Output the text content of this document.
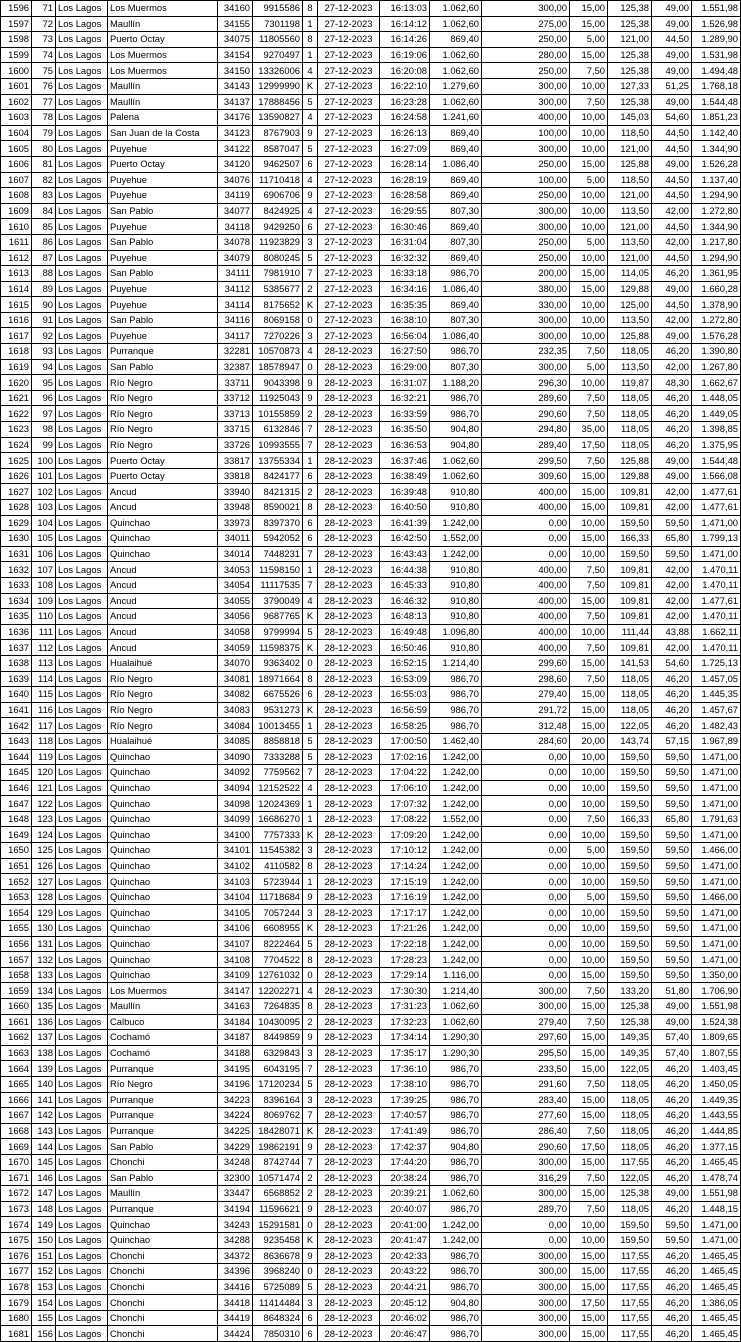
1596	71	Los Lagos	Los Muermos	34160	9915586	8	27-12-2023	16:13:03	1.062,60	300,00	15,00	125,38	49,00	1.551,98
1597	72	Los Lagos	Maullín	34155	7301198	1	27-12-2023	16:14:12	1.062,60	275,00	15,00	125,38	49,00	1.526,98
1598	73	Los Lagos	Puerto Octay	34075	11805560	8	27-12-2023	16:14:26	869,40	250,00	5,00	121,00	44,50	1.289,90
1599	74	Los Lagos	Los Muermos	34154	9270497	1	27-12-2023	16:19:06	1.062,60	280,00	15,00	125,38	49,00	1.531,98
1600	75	Los Lagos	Los Muermos	34150	13326006	4	27-12-2023	16:20:08	1.062,60	250,00	7,50	125,38	49,00	1.494,48
1601	76	Los Lagos	Maullín	34143	12999990	K	27-12-2023	16:22:10	1.279,60	300,00	10,00	127,33	51,25	1.768,18
1602	77	Los Lagos	Maullín	34137	17888456	5	27-12-2023	16:23:28	1.062,60	300,00	7,50	125,38	49,00	1.544,48
1603	78	Los Lagos	Palena	34176	13590827	4	27-12-2023	16:24:58	1.241,60	400,00	10,00	145,03	54,60	1.851,23
1604	79	Los Lagos	San Juan de la Costa	34123	8767903	9	27-12-2023	16:26:13	869,40	100,00	10,00	118,50	44,50	1.142,40
1605	80	Los Lagos	Puyehue	34122	8587047	5	27-12-2023	16:27:09	869,40	300,00	10,00	121,00	44,50	1.344,90
1606	81	Los Lagos	Puerto Octay	34120	9462507	6	27-12-2023	16:28:14	1.086,40	250,00	15,00	125,88	49,00	1.526,28
1607	82	Los Lagos	Puyehue	34076	11710418	4	27-12-2023	16:28:19	869,40	100,00	5,00	118,50	44,50	1.137,40
1608	83	Los Lagos	Puyehue	34119	6906706	9	27-12-2023	16:28:58	869,40	250,00	10,00	121,00	44,50	1.294,90
1609	84	Los Lagos	San Pablo	34077	8424925	4	27-12-2023	16:29:55	807,30	300,00	10,00	113,50	42,00	1.272,80
1610	85	Los Lagos	Puyehue	34118	9429250	6	27-12-2023	16:30:46	869,40	300,00	10,00	121,00	44,50	1.344,90
1611	86	Los Lagos	San Pablo	34078	11923829	3	27-12-2023	16:31:04	807,30	250,00	5,00	113,50	42,00	1.217,80
1612	87	Los Lagos	Puyehue	34079	8080245	5	27-12-2023	16:32:32	869,40	250,00	10,00	121,00	44,50	1.294,90
1613	88	Los Lagos	San Pablo	34111	7981910	7	27-12-2023	16:33:18	986,70	200,00	15,00	114,05	46,20	1.361,95
1614	89	Los Lagos	Puyehue	34112	5385677	2	27-12-2023	16:34:16	1.086,40	380,00	15,00	129,88	49,00	1.660,28
1615	90	Los Lagos	Puyehue	34114	8175652	K	27-12-2023	16:35:35	869,40	330,00	10,00	125,00	44,50	1.378,90
1616	91	Los Lagos	San Pablo	34116	8069158	0	27-12-2023	16:38:10	807,30	300,00	10,00	113,50	42,00	1.272,80
1617	92	Los Lagos	Puyehue	34117	7270226	3	27-12-2023	16:56:04	1.086,40	300,00	10,00	125,88	49,00	1.576,28
1618	93	Los Lagos	Purranque	32281	10570873	4	28-12-2023	16:27:50	986,70	232,35	7,50	118,05	46,20	1.390,80
1619	94	Los Lagos	San Pablo	32387	18578947	0	28-12-2023	16:29:00	807,30	300,00	5,00	113,50	42,00	1.267,80
1620	95	Los Lagos	Río Negro	33711	9043398	9	28-12-2023	16:31:07	1.188,20	296,30	10,00	119,87	48,30	1.662,67
1621	96	Los Lagos	Río Negro	33712	11925043	9	28-12-2023	16:32:21	986,70	289,60	7,50	118,05	46,20	1.448,05
1622	97	Los Lagos	Río Negro	33713	10155859	2	28-12-2023	16:33:59	986,70	290,60	7,50	118,05	46,20	1.449,05
1623	98	Los Lagos	Río Negro	33715	6132846	7	28-12-2023	16:35:50	904,80	294,80	35,00	118,05	46,20	1.398,85
1624	99	Los Lagos	Río Negro	33726	10993555	7	28-12-2023	16:36:53	904,80	289,40	17,50	118,05	46,20	1.375,95
1625	100	Los Lagos	Puerto Octay	33817	13755334	1	28-12-2023	16:37:46	1.062,60	299,50	7,50	125,88	49,00	1.544,48
1626	101	Los Lagos	Puerto Octay	33818	8424177	6	28-12-2023	16:38:49	1.062,60	309,60	15,00	129,88	49,00	1.566,08
1627	102	Los Lagos	Ancud	33940	8421315	2	28-12-2023	16:39:48	910,80	400,00	15,00	109,81	42,00	1.477,61
1628	103	Los Lagos	Ancud	33948	8590021	8	28-12-2023	16:40:50	910,80	400,00	15,00	109,81	42,00	1.477,61
1629	104	Los Lagos	Quinchao	33973	8397370	6	28-12-2023	16:41:39	1.242,00	0,00	10,00	159,50	59,50	1.471,00
1630	105	Los Lagos	Quinchao	34011	5942052	6	28-12-2023	16:42:50	1.552,00	0,00	15,00	166,33	65,80	1.799,13
1631	106	Los Lagos	Quinchao	34014	7448231	7	28-12-2023	16:43:43	1.242,00	0,00	10,00	159,50	59,50	1.471,00
1632	107	Los Lagos	Ancud	34053	11598150	1	28-12-2023	16:44:38	910,80	400,00	7,50	109,81	42,00	1.470,11
1633	108	Los Lagos	Ancud	34054	11117535	7	28-12-2023	16:45:33	910,80	400,00	7,50	109,81	42,00	1.470,11
1634	109	Los Lagos	Ancud	34055	3790049	4	28-12-2023	16:46:32	910,80	400,00	15,00	109,81	42,00	1.477,61
1635	110	Los Lagos	Ancud	34056	9687765	K	28-12-2023	16:48:13	910,80	400,00	7,50	109,81	42,00	1.470,11
1636	111	Los Lagos	Ancud	34058	9799994	5	28-12-2023	16:49:48	1.096,80	400,00	10,00	111,44	43,88	1.662,11
1637	112	Los Lagos	Ancud	34059	11598375	K	28-12-2023	16:50:46	910,80	400,00	7,50	109,81	42,00	1.470,11
1638	113	Los Lagos	Hualaihué	34070	9363402	0	28-12-2023	16:52:15	1.214,40	299,60	15,00	141,53	54,60	1.725,13
1639	114	Los Lagos	Río Negro	34081	18971664	8	28-12-2023	16:53:09	986,70	298,60	7,50	118,05	46,20	1.457,05
1640	115	Los Lagos	Río Negro	34082	6675526	6	28-12-2023	16:55:03	986,70	279,40	15,00	118,05	46,20	1.445,35
1641	116	Los Lagos	Río Negro	34083	9531273	K	28-12-2023	16:56:59	986,70	291,72	15,00	118,05	46,20	1.457,67
1642	117	Los Lagos	Río Negro	34084	10013455	1	28-12-2023	16:58:25	986,70	312,48	15,00	122,05	46,20	1.482,43
1643	118	Los Lagos	Hualaihué	34085	8858818	5	28-12-2023	17:00:50	1.462,40	284,60	20,00	143,74	57,15	1.967,89
1644	119	Los Lagos	Quinchao	34090	7333288	5	28-12-2023	17:02:16	1.242,00	0,00	10,00	159,50	59,50	1.471,00
1645	120	Los Lagos	Quinchao	34092	7759562	7	28-12-2023	17:04:22	1.242,00	0,00	10,00	159,50	59,50	1.471,00
1646	121	Los Lagos	Quinchao	34094	12152522	4	28-12-2023	17:06:10	1.242,00	0,00	10,00	159,50	59,50	1.471,00
1647	122	Los Lagos	Quinchao	34098	12024369	1	28-12-2023	17:07:32	1.242,00	0,00	10,00	159,50	59,50	1.471,00
1648	123	Los Lagos	Quinchao	34099	16686270	1	28-12-2023	17:08:22	1.552,00	0,00	7,50	166,33	65,80	1.791,63
1649	124	Los Lagos	Quinchao	34100	7757333	K	28-12-2023	17:09:20	1.242,00	0,00	10,00	159,50	59,50	1.471,00
1650	125	Los Lagos	Quinchao	34101	11545382	3	28-12-2023	17:10:12	1.242,00	0,00	5,00	159,50	59,50	1.466,00
1651	126	Los Lagos	Quinchao	34102	4110582	8	28-12-2023	17:14:24	1.242,00	0,00	10,00	159,50	59,50	1.471,00
1652	127	Los Lagos	Quinchao	34103	5723944	1	28-12-2023	17:15:19	1.242,00	0,00	10,00	159,50	59,50	1.471,00
1653	128	Los Lagos	Quinchao	34104	11718684	9	28-12-2023	17:16:19	1.242,00	0,00	5,00	159,50	59,50	1.466,00
1654	129	Los Lagos	Quinchao	34105	7057244	3	28-12-2023	17:17:17	1.242,00	0,00	10,00	159,50	59,50	1.471,00
1655	130	Los Lagos	Quinchao	34106	6608955	K	28-12-2023	17:21:26	1.242,00	0,00	10,00	159,50	59,50	1.471,00
1656	131	Los Lagos	Quinchao	34107	8222464	5	28-12-2023	17:22:18	1.242,00	0,00	10,00	159,50	59,50	1.471,00
1657	132	Los Lagos	Quinchao	34108	7704522	8	28-12-2023	17:28:23	1.242,00	0,00	10,00	159,50	59,50	1.471,00
1658	133	Los Lagos	Quinchao	34109	12761032	0	28-12-2023	17:29:14	1.116,00	0,00	15,00	159,50	59,50	1.350,00
1659	134	Los Lagos	Los Muermos	34147	12202271	4	28-12-2023	17:30:30	1.214,40	300,00	7,50	133,20	51,80	1.706,90
1660	135	Los Lagos	Maullín	34163	7264835	8	28-12-2023	17:31:23	1.062,60	300,00	15,00	125,38	49,00	1.551,98
1661	136	Los Lagos	Calbuco	34184	10430095	2	28-12-2023	17:32:23	1.062,60	279,40	7,50	125,38	49,00	1.524,38
1662	137	Los Lagos	Cochamó	34187	8449859	9	28-12-2023	17:34:14	1.290,30	297,60	15,00	149,35	57,40	1.809,65
1663	138	Los Lagos	Cochamó	34188	6329843	3	28-12-2023	17:35:17	1.290,30	295,50	15,00	149,35	57,40	1.807,55
1664	139	Los Lagos	Purranque	34195	6043195	7	28-12-2023	17:36:10	986,70	233,50	15,00	122,05	46,20	1.403,45
1665	140	Los Lagos	Río Negro	34196	17120234	5	28-12-2023	17:38:10	986,70	291,60	7,50	118,05	46,20	1.450,05
1666	141	Los Lagos	Purranque	34223	8396164	3	28-12-2023	17:39:25	986,70	283,40	15,00	118,05	46,20	1.449,35
1667	142	Los Lagos	Purranque	34224	8069762	7	28-12-2023	17:40:57	986,70	277,60	15,00	118,05	46,20	1.443,55
1668	143	Los Lagos	Purranque	34225	18428071	K	28-12-2023	17:41:49	986,70	286,40	7,50	118,05	46,20	1.444,85
1669	144	Los Lagos	San Pablo	34229	19862191	9	28-12-2023	17:42:37	904,80	290,60	17,50	118,05	46,20	1.377,15
1670	145	Los Lagos	Chonchi	34248	8742744	7	28-12-2023	17:44:20	986,70	300,00	15,00	117,55	46,20	1.465,45
1671	146	Los Lagos	San Pablo	32300	10571474	2	28-12-2023	20:38:24	986,70	316,29	7,50	122,05	46,20	1.478,74
1672	147	Los Lagos	Maullín	33447	6568852	2	28-12-2023	20:39:21	1.062,60	300,00	15,00	125,38	49,00	1.551,98
1673	148	Los Lagos	Purranque	34194	11596621	9	28-12-2023	20:40:07	986,70	289,70	7,50	118,05	46,20	1.448,15
1674	149	Los Lagos	Quinchao	34243	15291581	0	28-12-2023	20:41:00	1.242,00	0,00	10,00	159,50	59,50	1.471,00
1675	150	Los Lagos	Quinchao	34288	9235458	K	28-12-2023	20:41:47	1.242,00	0,00	10,00	159,50	59,50	1.471,00
1676	151	Los Lagos	Chonchi	34372	8636678	9	28-12-2023	20:42:33	986,70	300,00	15,00	117,55	46,20	1.465,45
1677	152	Los Lagos	Chonchi	34396	3968240	0	28-12-2023	20:43:22	986,70	300,00	15,00	117,55	46,20	1.465,45
1678	153	Los Lagos	Chonchi	34416	5725089	5	28-12-2023	20:44:21	986,70	300,00	15,00	117,55	46,20	1.465,45
1679	154	Los Lagos	Chonchi	34418	11414484	3	28-12-2023	20:45:12	904,80	300,00	17,50	117,55	46,20	1.386,05
1680	155	Los Lagos	Chonchi	34419	8648324	6	28-12-2023	20:46:02	986,70	300,00	15,00	117,55	46,20	1.465,45
1681	156	Los Lagos	Chonchi	34424	7850310	6	28-12-2023	20:46:47	986,70	300,00	15,00	117,55	46,20	1.465,45
